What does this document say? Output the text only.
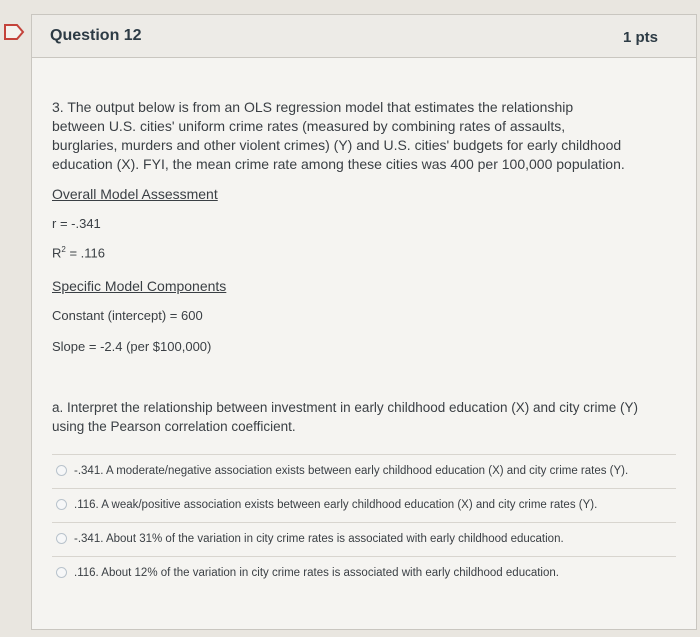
Question 12	1 pts

3. The output below is from an OLS regression model that estimates the relationship between U.S. cities' uniform crime rates (measured by combining rates of assaults, burglaries, murders and other violent crimes) (Y) and U.S. cities' budgets for early childhood education (X). FYI, the mean crime rate among these cities was 400 per 100,000 population.

Overall Model Assessment
r = -.341
$R^2 = .116$
Specific Model Components
Constant (intercept) = 600
Slope = -2.4 (per $100,000)
a. Interpret the relationship between investment in early childhood education (X) and city crime (Y) using the Pearson correlation coefficient.
-.341. A moderate/negative association exists between early childhood education (X) and city crime rates (Y).
.116. A weak/positive association exists between early childhood education (X) and city crime rates (Y).
-.341. About 31% of the variation in city crime rates is associated with early childhood education.
.116. About 12% of the variation in city crime rates is associated with early childhood education.
